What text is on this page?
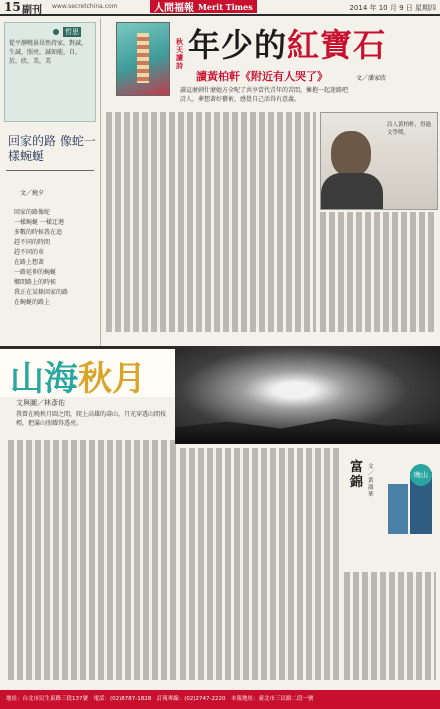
15 副刊 www.secretchina.com	人間福報 Merit Times	2014 年 10 月 9 日 星期四
哲思
從平靜曉景昂然持家，對誠，生誠，照亮，誠如能，自，於，欣，美，美
回家的路 像蛇一樣蜿蜒
文／燒夕
回家的路像蛇
一樣蜿蜒 一樣迂迴
多數的時候我在追
趕不同的時間
趕不同的車
在路上想著
一路延伸的蜿蜒
鄉間路上的時候
我正在某條回家的路
在蜿蜒的路上
秋天讀詩
年少的紅寶石
讀黃柏軒《附近有人哭了》	文／潘家欣
讀這麼刺什麼她方全呢了共享當代青年的苦悶，擁抱一起迷路吧詩人，夢想著好藝術，感覺自己活得有意義。
詩人黃柏軒，得過文學獎。
山海秋月
文與圖／林彥佑
我曾在晚秋月圓之間，爬上高雄的壽山，月光穿透山間枝椏，把滿山照耀得透亮。
富錦
文／黃淑華
晚山
地址：台北市民生東路三段137號　電話：(02)8787-1828　訂報專線：(02)2747-2220　本報地址：臺北市三民路二段一號
